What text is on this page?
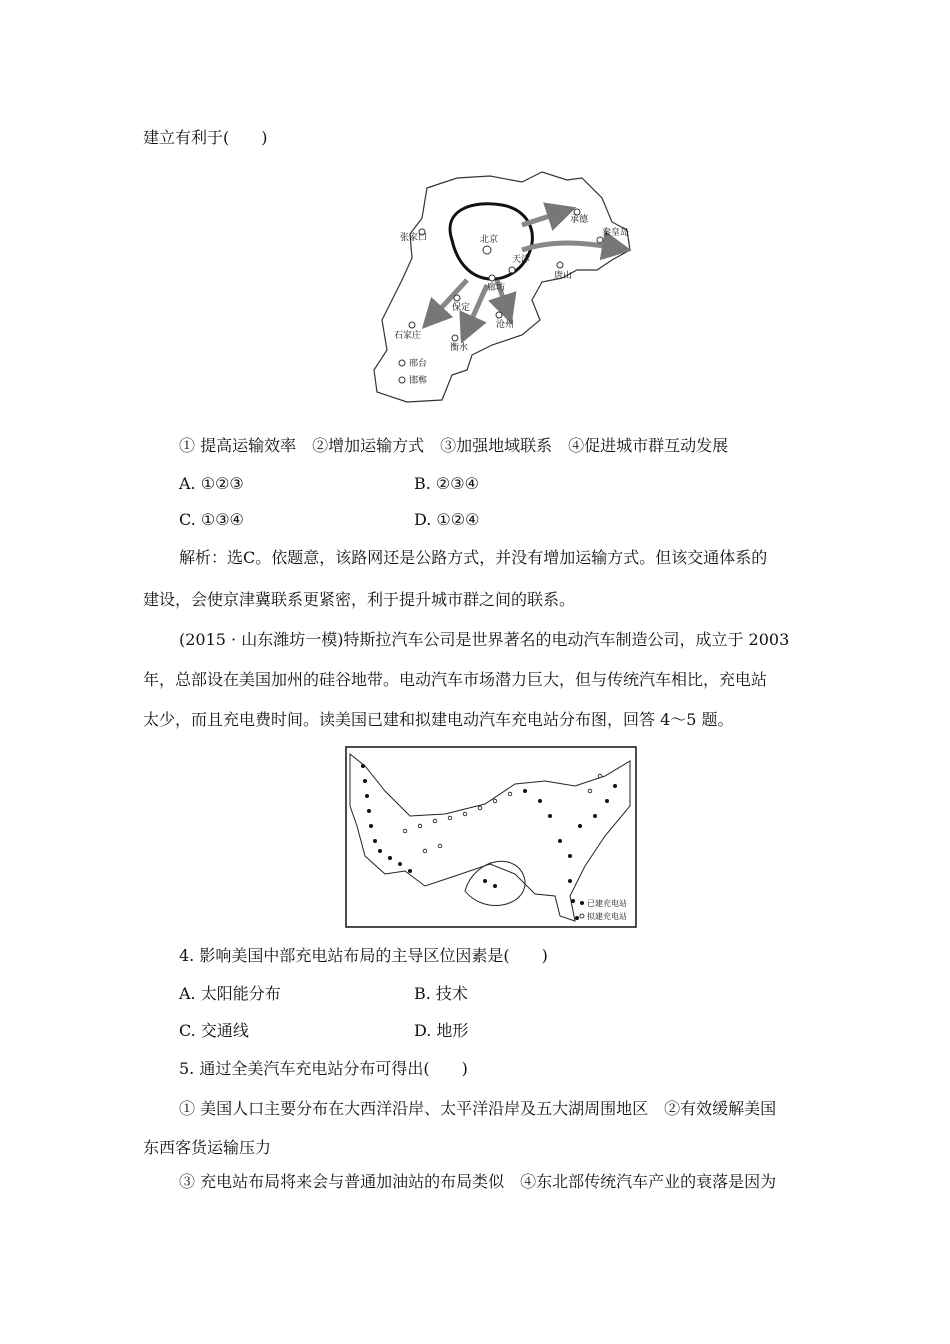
建立有利于(　　)
北京
张家口
承德
秦皇岛
唐山
天津
廊坊
保定
沧州
石家庄
衡水
邢台
邯郸
① 提高运输效率　②增加运输方式　③加强地域联系　④促进城市群互动发展
A. ①②③	B. ②③④
C. ①③④	D. ①②④
解析：选C。依题意，该路网还是公路方式，并没有增加运输方式。但该交通体系的
建设，会使京津冀联系更紧密，利于提升城市群之间的联系。
(2015 · 山东潍坊一模)特斯拉汽车公司是世界著名的电动汽车制造公司，成立于 2003
年，总部设在美国加州的硅谷地带。电动汽车市场潜力巨大，但与传统汽车相比，充电站
太少，而且充电费时间。读美国已建和拟建电动汽车充电站分布图，回答 4～5 题。
已建充电站
拟建充电站
4. 影响美国中部充电站布局的主导区位因素是(　　)
A. 太阳能分布	B. 技术
C. 交通线	D. 地形
5. 通过全美汽车充电站分布可得出(　　)
① 美国人口主要分布在大西洋沿岸、太平洋沿岸及五大湖周围地区　②有效缓解美国
东西客货运输压力
③ 充电站布局将来会与普通加油站的布局类似　④东北部传统汽车产业的衰落是因为
